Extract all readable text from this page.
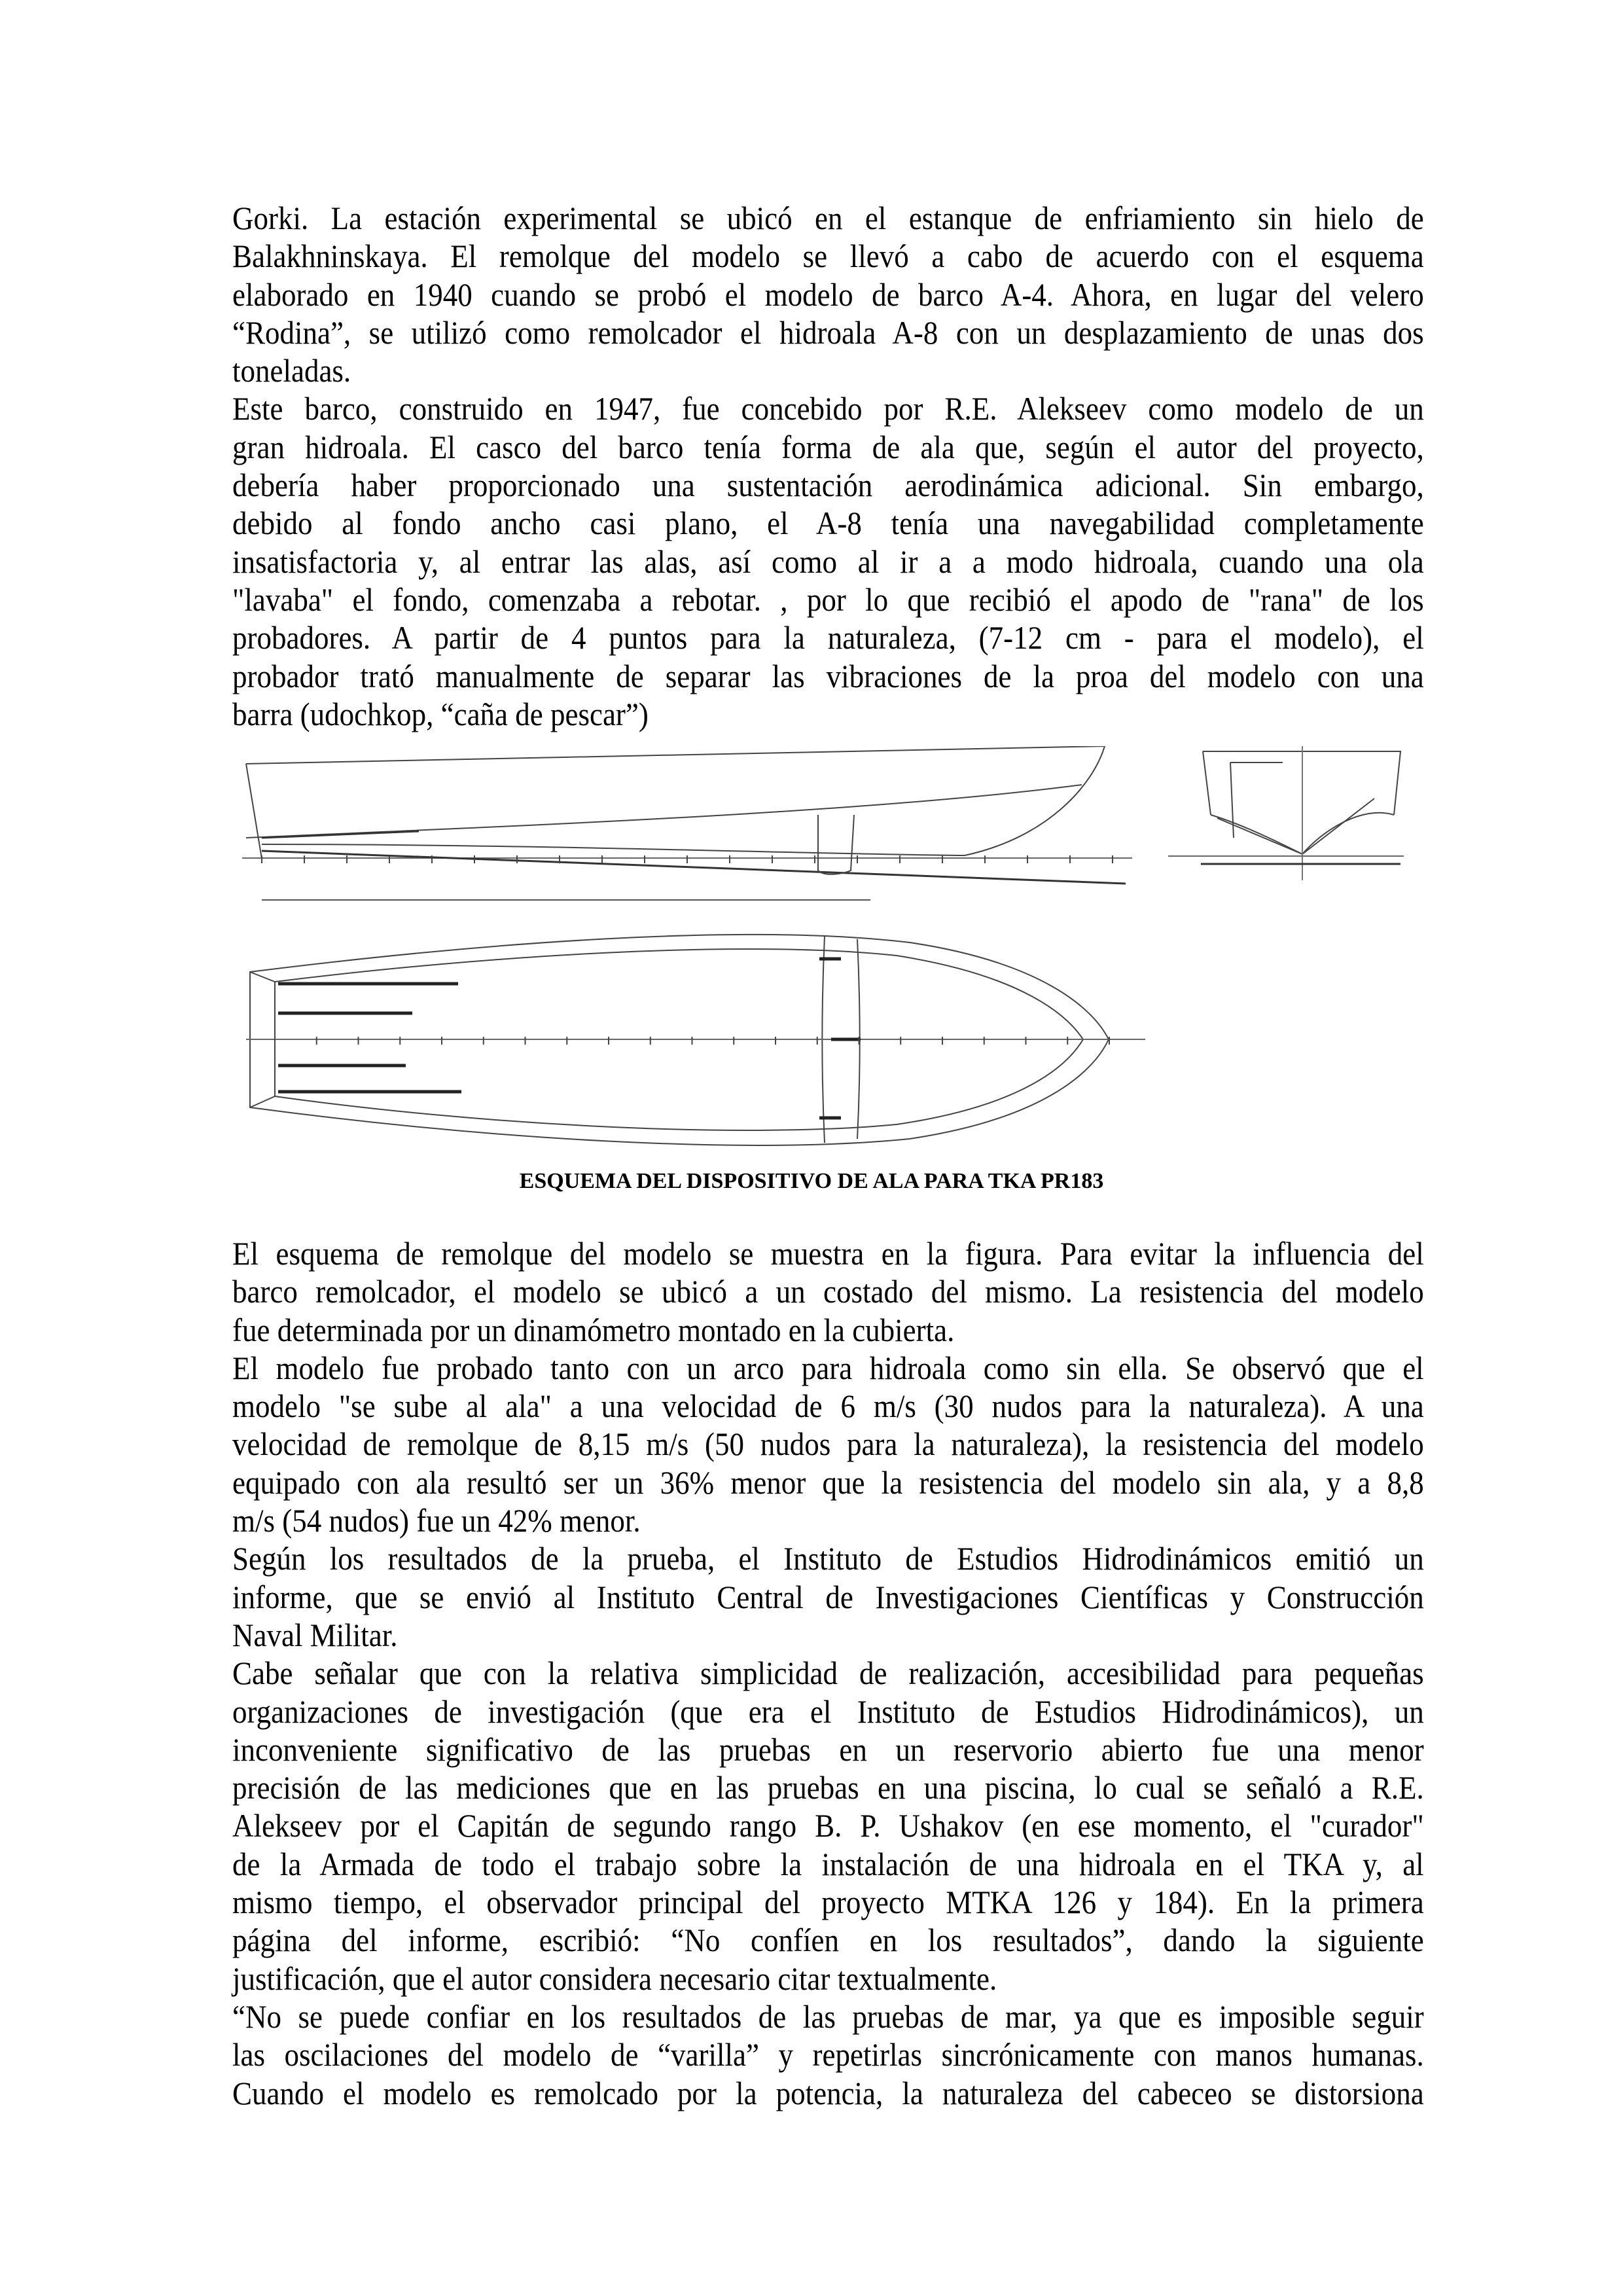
Gorki. La estación experimental se ubicó en el estanque de enfriamiento sin hielo de
Balakhninskaya. El remolque del modelo se llevó a cabo de acuerdo con el esquema
elaborado en 1940 cuando se probó el modelo de barco A-4. Ahora, en lugar del velero
“Rodina”, se utilizó como remolcador el hidroala A-8 con un desplazamiento de unas dos
toneladas.
Este barco, construido en 1947, fue concebido por R.E. Alekseev como modelo de un
gran hidroala. El casco del barco tenía forma de ala que, según el autor del proyecto,
debería haber proporcionado una sustentación aerodinámica adicional. Sin embargo,
debido al fondo ancho casi plano, el A-8 tenía una navegabilidad completamente
insatisfactoria y, al entrar las alas, así como al ir a a modo hidroala, cuando una ola
"lavaba" el fondo, comenzaba a rebotar. , por lo que recibió el apodo de "rana" de los
probadores. A partir de 4 puntos para la naturaleza, (7-12 cm - para el modelo), el
probador trató manualmente de separar las vibraciones de la proa del modelo con una
barra (udochkop, “caña de pescar”)
ESQUEMA DEL DISPOSITIVO DE ALA PARA TKA PR183
El esquema de remolque del modelo se muestra en la figura. Para evitar la influencia del
barco remolcador, el modelo se ubicó a un costado del mismo. La resistencia del modelo
fue determinada por un dinamómetro montado en la cubierta.
El modelo fue probado tanto con un arco para hidroala como sin ella. Se observó que el
modelo "se sube al ala" a una velocidad de 6 m/s (30 nudos para la naturaleza). A una
velocidad de remolque de 8,15 m/s (50 nudos para la naturaleza), la resistencia del modelo
equipado con ala resultó ser un 36% menor que la resistencia del modelo sin ala, y a 8,8
m/s (54 nudos) fue un 42% menor.
Según los resultados de la prueba, el Instituto de Estudios Hidrodinámicos emitió un
informe, que se envió al Instituto Central de Investigaciones Científicas y Construcción
Naval Militar.
Cabe señalar que con la relativa simplicidad de realización, accesibilidad para pequeñas
organizaciones de investigación (que era el Instituto de Estudios Hidrodinámicos), un
inconveniente significativo de las pruebas en un reservorio abierto fue una menor
precisión de las mediciones que en las pruebas en una piscina, lo cual se señaló a R.E.
Alekseev por el Capitán de segundo rango B. P. Ushakov (en ese momento, el "curador"
de la Armada de todo el trabajo sobre la instalación de una hidroala en el TKA y, al
mismo tiempo, el observador principal del proyecto MTKA 126 y 184). En la primera
página del informe, escribió: “No confíen en los resultados”, dando la siguiente
justificación, que el autor considera necesario citar textualmente.
“No se puede confiar en los resultados de las pruebas de mar, ya que es imposible seguir
las oscilaciones del modelo de “varilla” y repetirlas sincrónicamente con manos humanas.
Cuando el modelo es remolcado por la potencia, la naturaleza del cabeceo se distorsiona
